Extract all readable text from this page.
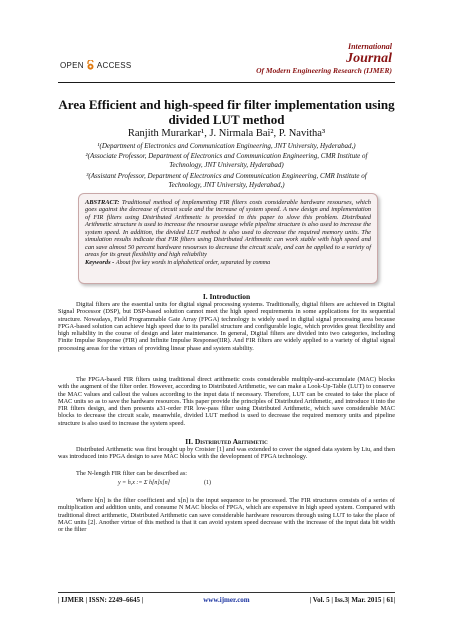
OPEN ACCESS
International
Journal
Of Modern Engineering Research (IJMER)
Area Efficient and high-speed fir filter implementation using divided LUT method
Ranjith Murarkar¹, J. Nirmala Bai², P. Navitha³
¹(Department of Electronics and Communication Engineering, JNT University, Hyderabad,)
²(Associate Professor, Department of Electronics and Communication Engineering, CMR Institute of Technology, JNT University, Hyderabad)
³(Assistant Professor, Department of Electronics and Communication Engineering, CMR Institute of Technology, JNT University, Hyderabad,)
ABSTRACT: Traditional method of implementing FIR filters costs considerable hardware resourses, which goes against the decrease of circuit scale and the increase of system speed. A new design and implementation of FIR filters using Distributed Arithmetic is provided in this paper to slove this problem. Distributed Arithmetic structure is used to increase the resourse useage while pipeline structure is also used to increase the system speed. In addition, the divided LUT method is also used to decrease the required memory units. The simulation results indicate that FIR filters using Distributed Arithmetic can work stable with high speed and can save almost 50 percent hardware resourses to decrease the circuit scale, and can be applied to a variety of areas for its great flexibility and high reliability
Keywords - About five key words in alphabetical order, separated by comma
I. Introduction
Digital filters are the essential units for digital signal processing systems. Traditionally, digital filters are achieved in Digital Signal Processor (DSP), but DSP-based solution cannot meet the high speed requirements in some applications for its sequential structure. Nowadays, Field Programmable Gate Array (FPGA) technology is widely used in digital signal processing area because FPGA-based solution can achieve high speed due to its parallel structure and configurable logic, which provides great flexibility and high reliability in the course of design and later maintenance. In general, Digital filters are divided into two categories, including Finite Impulse Response (FIR) and Infinite Impulse Response(IIR). And FIR filters are widely applied to a variety of digital signal processing areas for the virtues of providing linear phase and system stability.
The FPGA-based FIR filters using traditional direct arithmetic costs considerable multiply-and-accumulate (MAC) blocks with the augment of the filter order. However, according to Distributed Arithmetic, we can make a Look-Up-Table (LUT) to conserve the MAC values and callout the values according to the input data if necessary. Therefore, LUT can be created to take the place of MAC units so as to save the hardware resources. This paper provide the principles of Distributed Arithmetic, and introduce it into the FIR filters design, and then presents a31-order FIR low-pass filter using Distributed Arithmetic, which save considerable MAC blocks to decrease the circuit scale, meanwhile, divided LUT method is used to decrease the required memory units and pipeline structure is also used to increase the system speed.
II. Distributed Arithmetic
Distributed Arithmetic was first brought up by Croisier [1] and was extended to cover the signed data system by Liu, and then was introduced into FPGA design to save MAC blocks with the development of FPGA technology.
The N-length FIR filter can be described as:
y = h,x := Σ h[n]x[n]	(1)
Where h[n] is the filter coefficient and x[n] is the input sequence to be processed. The FIR structures consists of a series of multiplication and addition units, and consume N MAC blocks of FPGA, which are expensive in high speed system. Compared with traditional direct arithmetic, Distributed Arithmetic can save considerable hardware resources through using LUT to take the place of MAC units [2]. Another virtue of this method is that it can avoid system speed decrease with the increase of the input data bit width or the filter
| IJMER | ISSN: 2249–6645 |	www.ijmer.com	| Vol. 5 | Iss.3| Mar. 2015 | 61|
